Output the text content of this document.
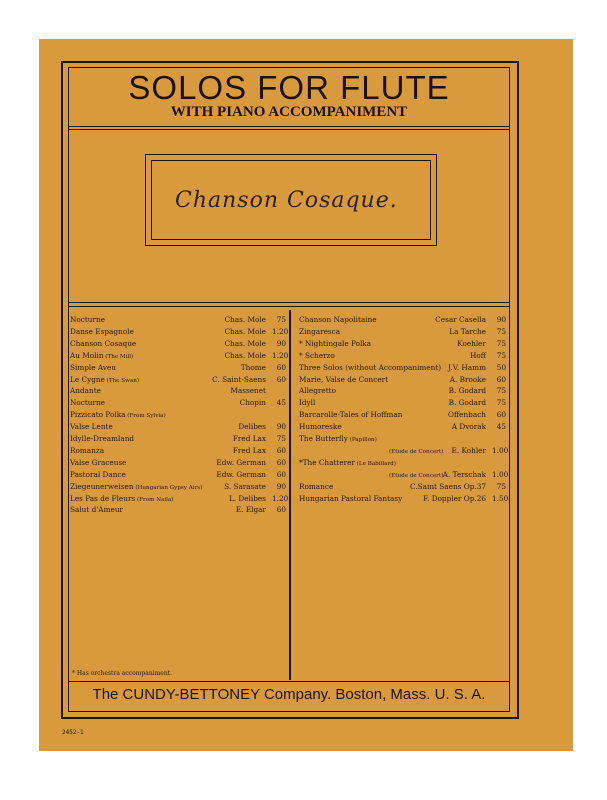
SOLOS FOR FLUTE
WITH PIANO ACCOMPANIMENT
Chanson Cosaque.
Nocturne	Chas. Mole	75
Danse Espagnole	Chas. Mole 1.20
Chanson Cosaque	Chas. Mole	90
Au Molin (The Mill)	Chas. Mole 1.20
Simple Aveu	Thome	60
Le Cygne (The Swan)	C. Saint-Saens	60
Andante	Massenet
Nocturne	Chopin	45
Pizzicato Polka (From Sylvia)
Valse Lente	Delibes	90
Idylle-Dreamland	Fred Lax	75
Romanza	Fred Lax	60
Valse Graceuse	Edw. German	60
Pastoral Dance	Edw. German	60
Ziegeunerweisen (Hungarian Gypsy Airs)	S. Sarasate	90
Les Pas de Fleurs (From Naila)	L. Delibes 1.20
Salut d'Ameur	E. Elgar	60
Chanson Napolitaine	Cesar Casella	90
Zingaresca	La Tarche	75
* Nightingale Polka	Koehler	75
* Scherzo	Hoff	75
Three Solos (without Accompaniment) J.V. Hamm	50
Marie, Valse de Concert	A. Brooke	60
Allegretto	B. Godard	75
Idyll	B. Godard	75
Barcarolle-Tales of Hoffman	Offenbach	60
Humoreske	A Dvorak	45
The Butterfly (Papillon)
(Etude de Concert) E. Kohler 1.00
*The Chatterer (Le Babillard)
(Etude de Concert) A. Terschak 1.00
Romance	C.Saint Saens Op.37	75
Hungarian Pastoral Fantasy	F. Doppler Op.26 1.50
* Has orchestra accompaniment.
The CUNDY-BETTONEY Company. Boston, Mass. U. S. A.
2452-1
